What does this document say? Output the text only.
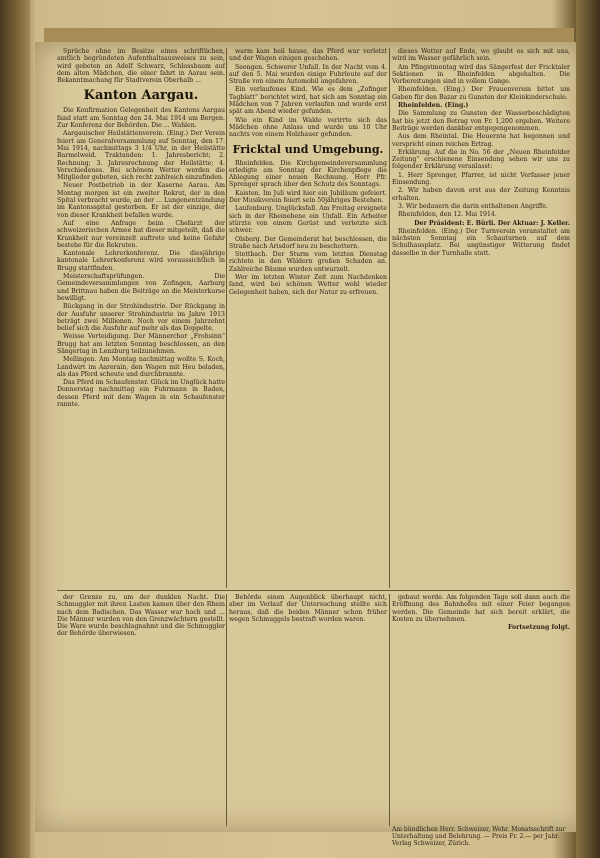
Sprüche ohne im Besitze eines schriftlichen, amtlich begründeten Aufenthaltsausweises zu sein, wird gebeten an Adolf Schwarz, Schlossbaum auf dem alten Mädchen, die einer fahrt in Aarau sein. Bekanntmachung für Stadtverein Oberhalb ...

Kanton Aargau.

Die Konfirmation Gelegenheit des Kantons Aargau fand statt am Sonntag den 24. Mai 1914 um Bergen. Zur Konferenz der Behörden. Die ... Wahlen.

Aargauischer Heilstättenverein. (Eing.) Der Verein feiert am Generalversammlung auf Sonntag, den 17. Mai 1914, nachmittags 3 1/4 Uhr, in der Heilstätte Barmelweid. Traktanden: 1. Jahresbericht; 2. Rechnung; 3. Jahresrechnung der Heilstätte; 4. Verschiedenes. Bei schönem Wetter werden die Mitglieder gebeten, sich recht zahlreich einzufinden.

Neuer Postbetrieb in der Kaserne Aarau. Am Montag morgen ist ein zweiter Rekrut, der in den Spital verbracht wurde, an der ... Lungenentzündung im Kantonsspital gestorben. Er ist der einzige, der von dieser Krankheit befallen wurde.

Auf eine Anfrage beim Chefarzt der schweizerischen Armee hat dieser mitgeteilt, daß die Krankheit nur vereinzelt auftrete und keine Gefahr bestehe für die Rekruten.

Kantonale Lehrerkonferenz. Die diesjährige kantonale Lehrerkonferenz wird voraussichtlich in Brugg stattfinden.

Meisterschaftsprüfungen. Die Gemeindeversammlungen von Zofingen, Aarburg und Brittnau haben die Beiträge an die Meisterkurse bewilligt.

Rückgang in der Strohindustrie. Der Rückgang in der Ausfuhr unserer Strohindustrie im Jahre 1913 beträgt zwei Millionen. Noch vor einem Jahrzehnt belief sich die Ausfuhr auf mehr als das Doppelte.

Weisse Verteidigung. Der Männerchor „Frohsinn“ Brugg hat am letzten Sonntag beschlossen, an den Sängertag in Lenzburg teilzunehmen.

Mellingen. Am Montag nachmittag wollte S. Koch, Landwirt im Aarerain, den Wagen mit Heu beladen, als das Pferd scheute und durchbrannte.

Das Pferd im Schaufenster. Glück im Unglück hatte Donnerstag nachmittag ein Fuhrmann in Baden, dessen Pferd mit dem Wagen in ein Schaufenster rannte.

warm kam heil hause, das Pferd war verletzt und der Wagen einigen geschehen.

Seengen. Schwerer Unfall. In der Nacht vom 4. auf den 5. Mai wurden einige Fuhrleute auf der Straße von einem Automobil angefahren.

Ein verlaufenes Kind. Wie es dem „Zofinger Tagblatt“ berichtet wird, hat sich am Sonntag ein Mädchen von 7 Jahren verlaufen und wurde erst spät am Abend wieder gefunden.

Wie ein Kind im Walde verirrte sich das Mädchen ohne Anlass und wurde um 10 Uhr nachts von einem Holzhauer gefunden.

Fricktal und Umgebung.

Rheinfelden. Die Kirchgemeindeversammlung erledigte am Sonntag der Kirchenpflege die Ablegung einer neuen Rechnung. Herr Pfr. Sprenger sprach über den Schutz des Sonntags.

Kaisten. Im Juli wird hier ein Jubiläum gefeiert. Der Musikverein feiert sein 50jähriges Bestehen.

Laufenburg. Unglücksfall. Am Freitag ereignete sich in der Rheinebene ein Unfall. Ein Arbeiter stürzte von einem Gerüst und verletzte sich schwer.

Olsberg. Der Gemeinderat hat beschlossen, die Straße nach Arisdorf neu zu beschottern.

Stettbach. Der Sturm vom letzten Dienstag richtete in den Wäldern großen Schaden an. Zahlreiche Bäume wurden entwurzelt.

Wer im letzten Winter Zeit zum Nachdenken fand, wird bei schönen Wetter wohl wieder Gelegenheit haben, sich der Natur zu erfreuen.

dieses Wetter auf Ende, wo glaubt es sich mit uns, wird im Wasser gefährlich sein.

Am Pfingstmontag wird das Sängerfest der Fricktaler Sektionen in Rheinfelden abgehalten. Die Vorbereitungen sind in vollem Gange.

Rheinfelden. (Eing.) Der Frauenverein bittet um Gaben für den Bazar zu Gunsten der Kleinkinderschule.

Rheinfelden. (Eing.)

Die Sammlung zu Gunsten der Wasserbeschädigten hat bis jetzt den Betrag von Fr. 1,200 ergeben. Weitere Beiträge werden dankbar entgegengenommen.

Aus dem Rheintal. Die Heuernte hat begonnen und verspricht einen reichen Ertrag.

Erklärung. Auf die in No. 56 der „Neuen Rheinfelder Zeitung“ erschienene Einsendung sehen wir uns zu folgender Erklärung veranlasst:

1. Herr Sprenger, Pfarrer, ist nicht Verfasser jener Einsendung.

2. Wir haben davon erst aus der Zeitung Kenntnis erhalten.

3. Wir bedauern die darin enthaltenen Angriffe.

Rheinfelden, den 12. Mai 1914.

Der Präsident: E. Bürli. Der Aktuar: J. Keller.

Rheinfelden. (Eing.) Der Turnverein veranstaltet am nächsten Sonntag ein Schauturnen auf dem Schulhausplatz. Bei ungünstiger Witterung findet dasselbe in der Turnhalle statt.

der Grenze zu, um der dunklen Nacht. Die Schmuggler mit ihren Lasten kamen über den Rhein nach dem Badischen. Das Wasser war hoch und ... Die Männer wurden von den Grenzwächtern gestellt. Die Ware wurde beschlagnahmt und die Schmuggler der Behörde überwiesen.

Behörde einen Augenblick überhaupt nicht, aber im Verlauf der Untersuchung stellte sich heraus, daß die beiden Männer schon früher wegen Schmuggels bestraft worden waren.

gebaut werde. Am folgenden Tage soll dann auch die Eröffnung des Bahnhofes mit einer Feier begangen werden. Die Gemeinde hat sich bereit erklärt, die Kosten zu übernehmen.

Fortsetzung folgt.

Am bündlichen Herr. Schweizer, Wehr. Monatsschrift zur Unterhaltung und Belehrung. — Preis Fr. 2.— per Jahr. Verlag Schweizer, Zürich.
